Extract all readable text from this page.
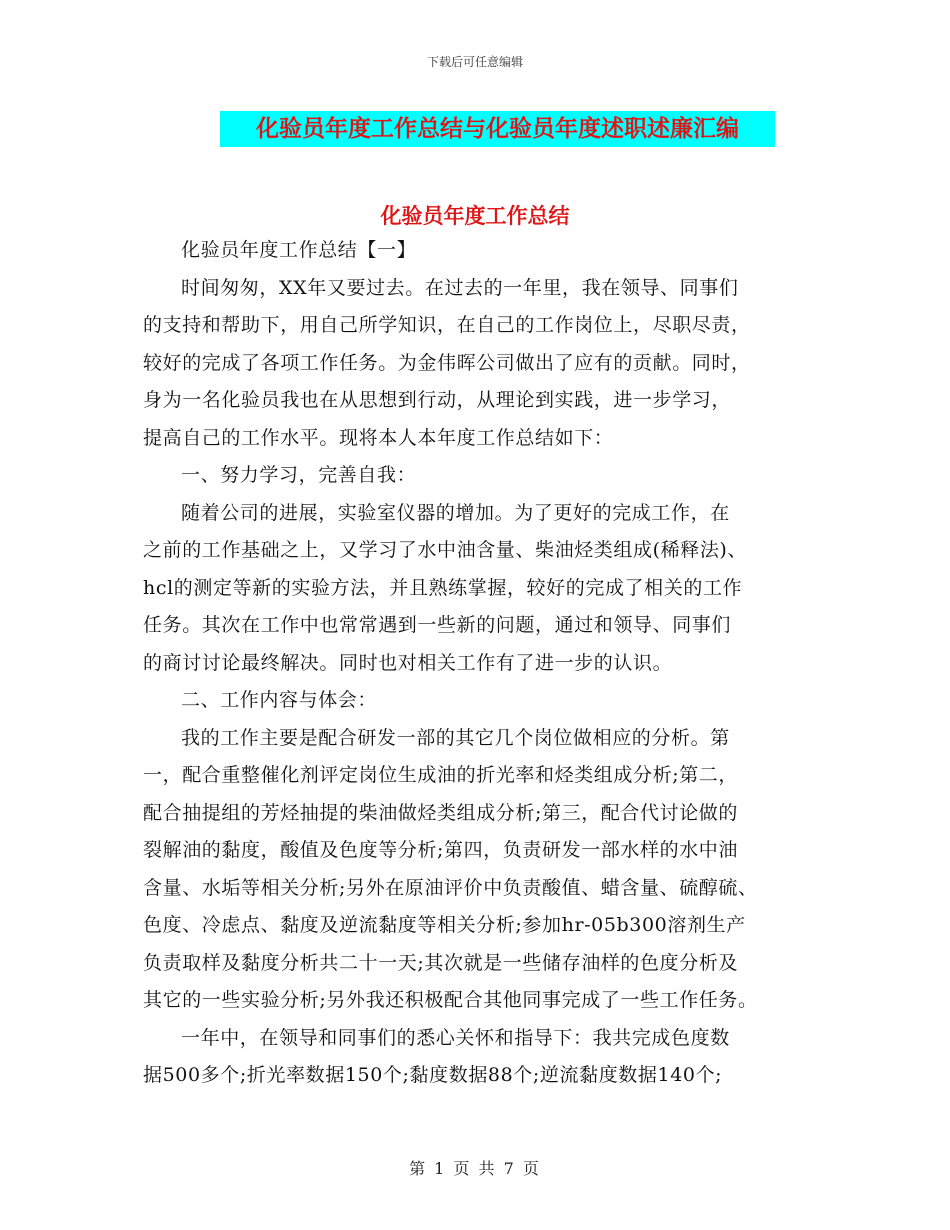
下载后可任意编辑
化验员年度工作总结与化验员年度述职述廉汇编
化验员年度工作总结
化验员年度工作总结【一】

时间匆匆，XX年又要过去。在过去的一年里，我在领导、同事们
的支持和帮助下，用自己所学知识，在自己的工作岗位上，尽职尽责，
较好的完成了各项工作任务。为金伟晖公司做出了应有的贡献。同时，
身为一名化验员我也在从思想到行动，从理论到实践，进一步学习，
提高自己的工作水平。现将本人本年度工作总结如下：

一、努力学习，完善自我：

随着公司的进展，实验室仪器的增加。为了更好的完成工作，在
之前的工作基础之上，又学习了水中油含量、柴油烃类组成(稀释法)、
hcl的测定等新的实验方法，并且熟练掌握，较好的完成了相关的工作
任务。其次在工作中也常常遇到一些新的问题，通过和领导、同事们
的商讨讨论最终解决。同时也对相关工作有了进一步的认识。

二、工作内容与体会：

我的工作主要是配合研发一部的其它几个岗位做相应的分析。第
一，配合重整催化剂评定岗位生成油的折光率和烃类组成分析;第二，
配合抽提组的芳烃抽提的柴油做烃类组成分析;第三，配合代讨论做的
裂解油的黏度，酸值及色度等分析;第四，负责研发一部水样的水中油
含量、水垢等相关分析;另外在原油评价中负责酸值、蜡含量、硫醇硫、
色度、冷虑点、黏度及逆流黏度等相关分析;参加hr-05b300溶剂生产
负责取样及黏度分析共二十一天;其次就是一些储存油样的色度分析及
其它的一些实验分析;另外我还积极配合其他同事完成了一些工作任务。

一年中，在领导和同事们的悉心关怀和指导下：我共完成色度数
据500多个;折光率数据150个;黏度数据88个;逆流黏度数据140个;

第 1 页 共 7 页
